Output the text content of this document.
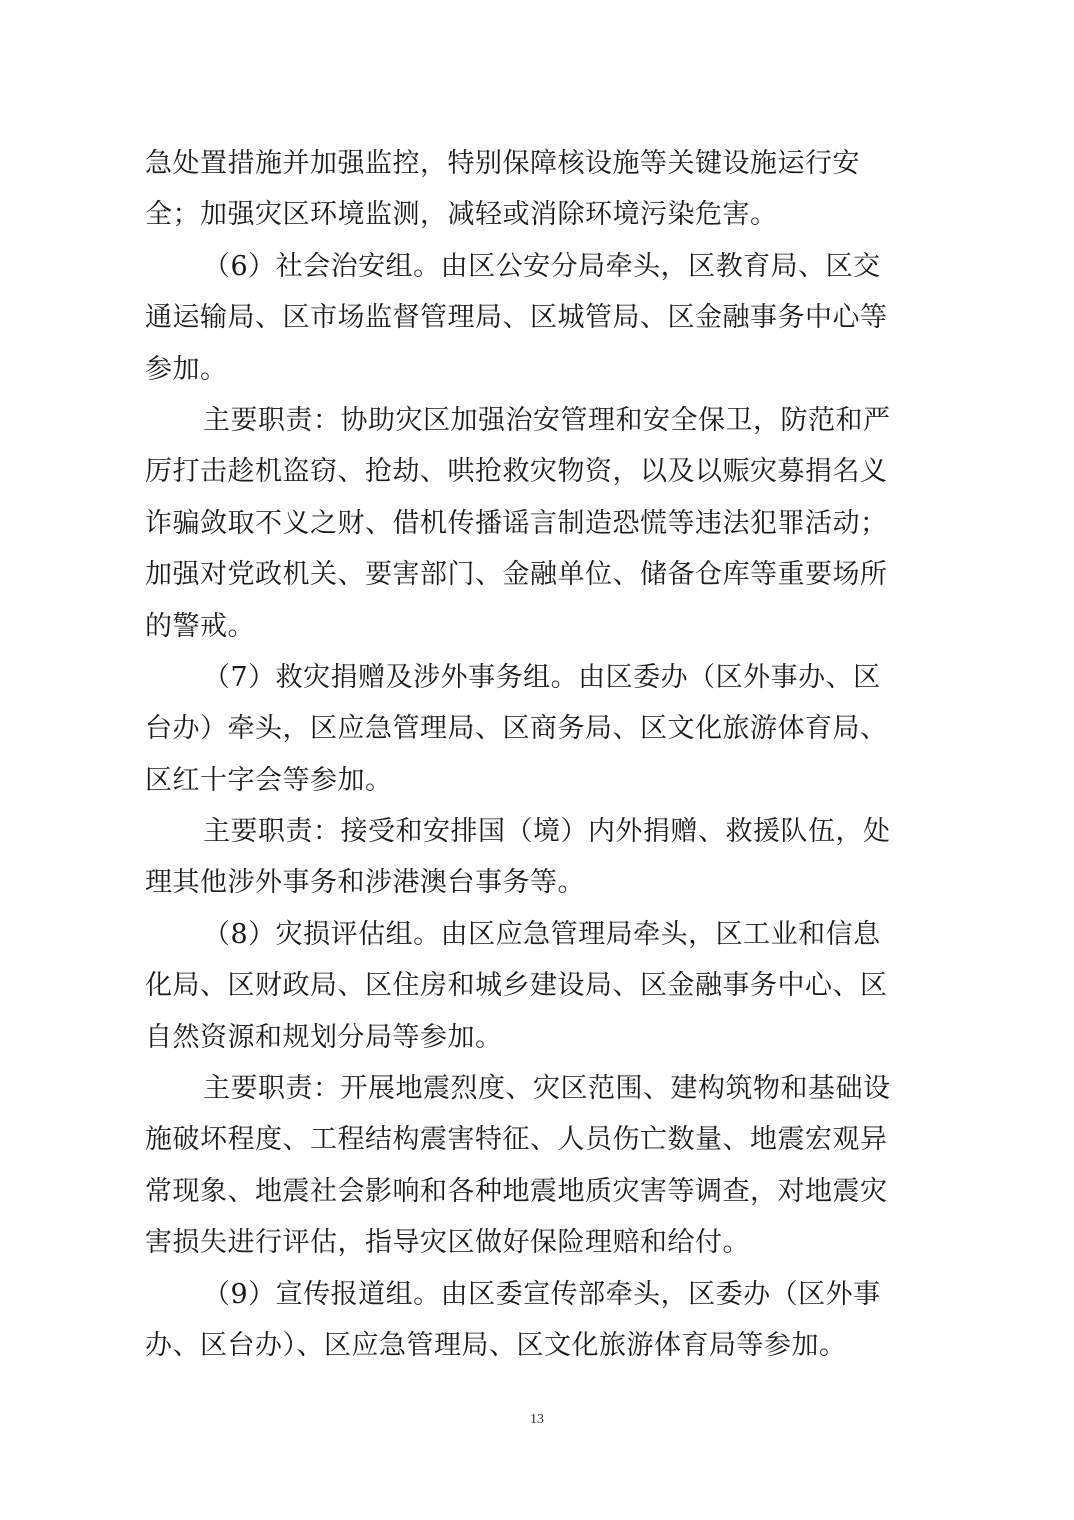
急处置措施并加强监控，特别保障核设施等关键设施运行安
全；加强灾区环境监测，减轻或消除环境污染危害。
（6）社会治安组。由区公安分局牵头，区教育局、区交
通运输局、区市场监督管理局、区城管局、区金融事务中心等
参加。
主要职责：协助灾区加强治安管理和安全保卫，防范和严
厉打击趁机盗窃、抢劫、哄抢救灾物资，以及以赈灾募捐名义
诈骗敛取不义之财、借机传播谣言制造恐慌等违法犯罪活动；
加强对党政机关、要害部门、金融单位、储备仓库等重要场所
的警戒。
（7）救灾捐赠及涉外事务组。由区委办（区外事办、区
台办）牵头，区应急管理局、区商务局、区文化旅游体育局、
区红十字会等参加。
主要职责：接受和安排国（境）内外捐赠、救援队伍，处
理其他涉外事务和涉港澳台事务等。
（8）灾损评估组。由区应急管理局牵头，区工业和信息
化局、区财政局、区住房和城乡建设局、区金融事务中心、区
自然资源和规划分局等参加。
主要职责：开展地震烈度、灾区范围、建构筑物和基础设
施破坏程度、工程结构震害特征、人员伤亡数量、地震宏观异
常现象、地震社会影响和各种地震地质灾害等调查，对地震灾
害损失进行评估，指导灾区做好保险理赔和给付。
（9）宣传报道组。由区委宣传部牵头，区委办（区外事
办、区台办）、区应急管理局、区文化旅游体育局等参加。
13
